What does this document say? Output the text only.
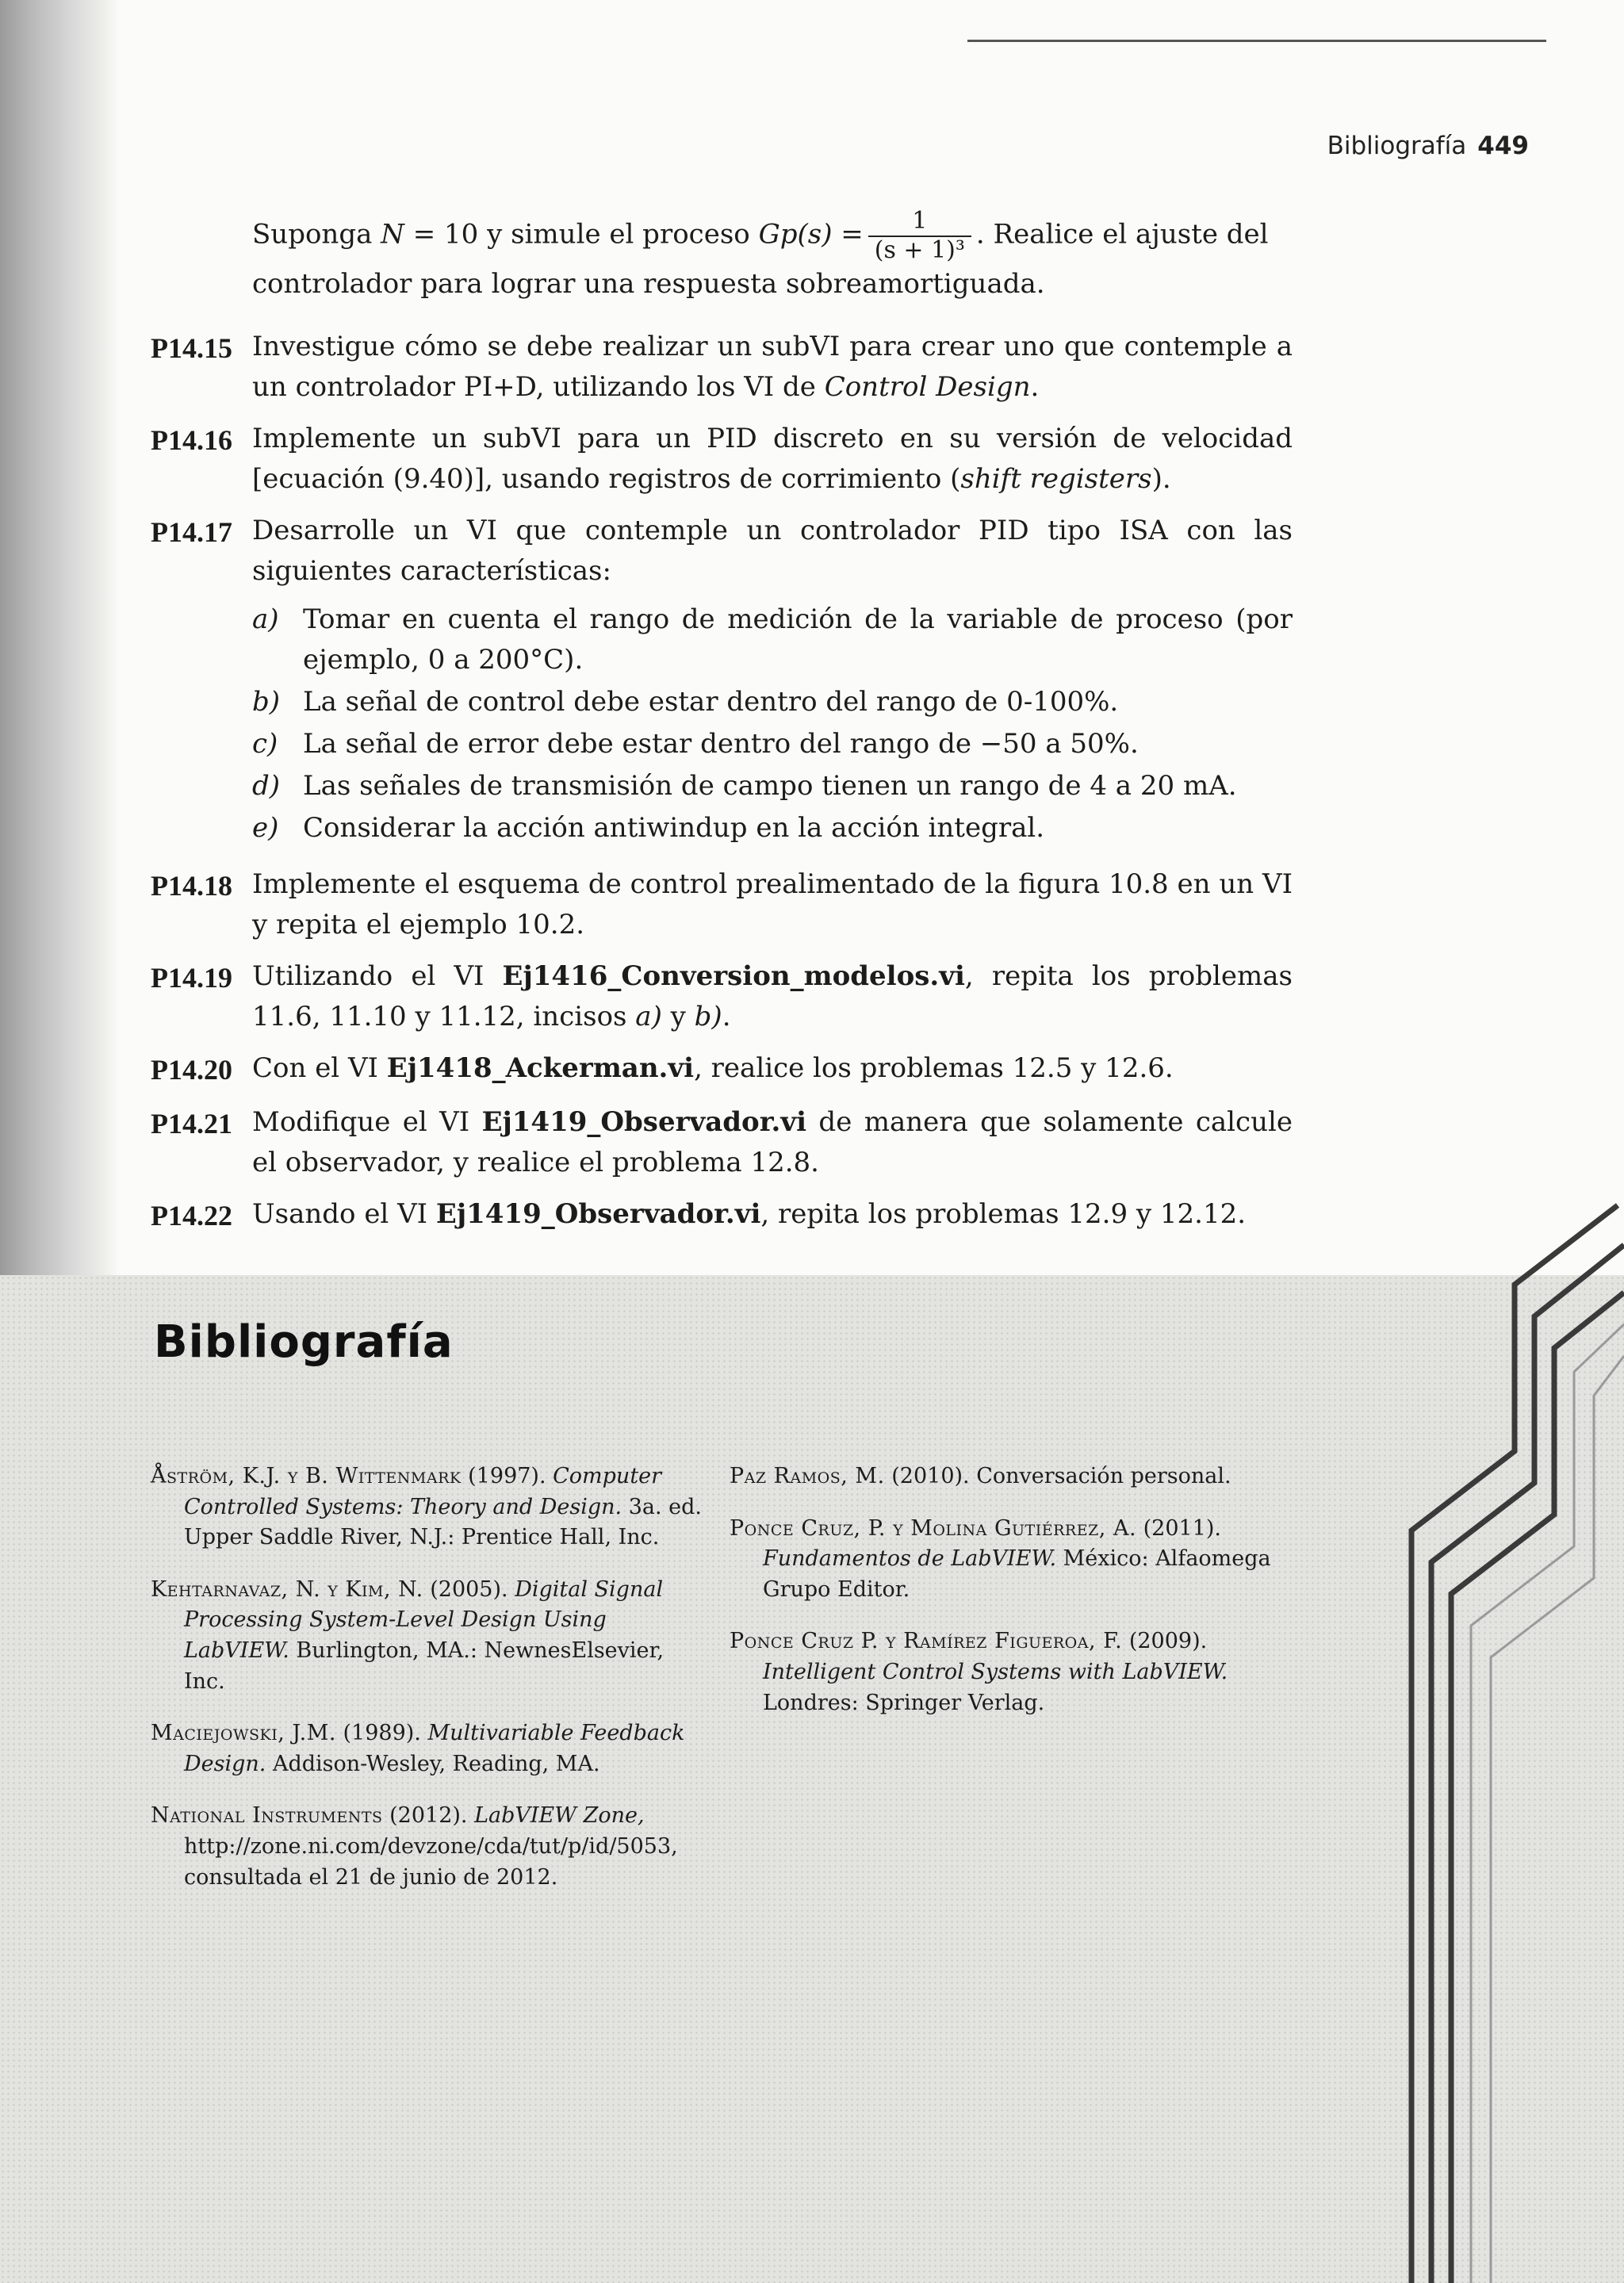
Bibliografía 449
Suponga N = 10 y simule el proceso $Gp(s) = \frac{1}{\text{(s + 1)³}}$ . Realice el ajuste del controlador para lograr una respuesta sobreamortiguada.
P14.15 Investigue cómo se debe realizar un subVI para crear uno que contemple a un controlador PI+D, utilizando los VI de Control Design.
P14.16 Implemente un subVI para un PID discreto en su versión de velocidad [ecuación (9.40)], usando registros de corrimiento (shift registers).
P14.17 Desarrolle un VI que contemple un controlador PID tipo ISA con las siguientes características:
a) Tomar en cuenta el rango de medición de la variable de proceso (por ejemplo, 0 a 200°C).
b) La señal de control debe estar dentro del rango de 0-100%.
c) La señal de error debe estar dentro del rango de −50 a 50%.
d) Las señales de transmisión de campo tienen un rango de 4 a 20 mA.
e) Considerar la acción antiwindup en la acción integral.
P14.18 Implemente el esquema de control prealimentado de la figura 10.8 en un VI y repita el ejemplo 10.2.
P14.19 Utilizando el VI Ej1416_Conversion_modelos.vi, repita los problemas 11.6, 11.10 y 11.12, incisos a) y b).
P14.20 Con el VI Ej1418_Ackerman.vi, realice los problemas 12.5 y 12.6.
P14.21 Modifique el VI Ej1419_Observador.vi de manera que solamente calcule el observador, y realice el problema 12.8.
P14.22 Usando el VI Ej1419_Observador.vi, repita los problemas 12.9 y 12.12.
Bibliografía

Åström, K.J. y B. Wittenmark (1997). Computer Controlled Systems: Theory and Design. 3a. ed. Upper Saddle River, N.J.: Prentice Hall, Inc.

Kehtarnavaz, N. y Kim, N. (2005). Digital Signal Processing System-Level Design Using LabVIEW. Burlington, MA.: NewnesElsevier, Inc.

Maciejowski, J.M. (1989). Multivariable Feedback Design. Addison-Wesley, Reading, MA.

National Instruments (2012). LabVIEW Zone, http://zone.ni.com/devzone/cda/tut/p/id/5053, consultada el 21 de junio de 2012.

Paz Ramos, M. (2010). Conversación personal.

Ponce Cruz, P. y Molina Gutiérrez, A. (2011). Fundamentos de LabVIEW. México: Alfaomega Grupo Editor.

Ponce Cruz P. y Ramírez Figueroa, F. (2009). Intelligent Control Systems with LabVIEW. Londres: Springer Verlag.
